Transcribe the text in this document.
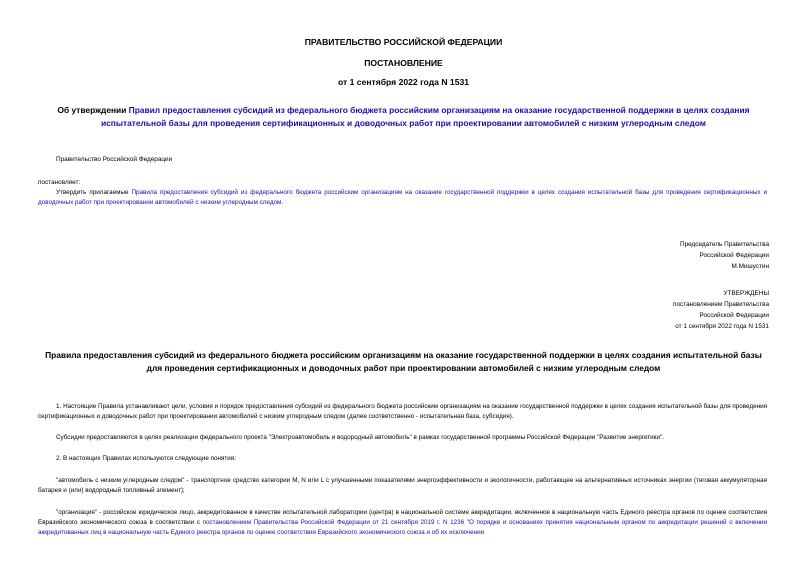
ПРАВИТЕЛЬСТВО РОССИЙСКОЙ ФЕДЕРАЦИИ
ПОСТАНОВЛЕНИЕ
от 1 сентября 2022 года N 1531
Об утверждении Правил предоставления субсидий из федерального бюджета российским организациям на оказание государственной поддержки в целях создания испытательной базы для проведения сертификационных и доводочных работ при проектировании автомобилей с низким углеродным следом
Правительство Российской Федерации
постановляет:
Утвердить прилагаемые Правила предоставления субсидий из федерального бюджета российским организациям на оказание государственной поддержки в целях создания испытательной базы для проведения сертификационных и доводочных работ при проектировании автомобилей с низким углеродным следом.
Председатель Правительства
Российской Федерации
М.Мишустин
УТВЕРЖДЕНЫ
постановлением Правительства
Российской Федерации
от 1 сентября 2022 года N 1531
Правила предоставления субсидий из федерального бюджета российским организациям на оказание государственной поддержки в целях создания испытательной базы для проведения сертификационных и доводочных работ при проектировании автомобилей с низким углеродным следом
1. Настоящие Правила устанавливают цели, условия и порядок предоставления субсидий из федерального бюджета российским организациям на оказание государственной поддержки в целях создания испытательной базы для проведения сертификационных и доводочных работ при проектировании автомобилей с низким углеродным следом (далее соответственно - испытательная база, субсидия).
Субсидии предоставляются в целях реализации федерального проекта "Электроавтомобиль и водородный автомобиль" в рамках государственной программы Российской Федерации "Развитие энергетики".
2. В настоящих Правилах используются следующие понятия:
"автомобиль с низким углеродным следом" - транспортное средство категории M, N или L с улучшенными показателями энергоэффективности и экологичности, работающее на альтернативных источниках энергии (тяговая аккумуляторная батарея и (или) водородный топливный элемент);
"организация" - российское юридическое лицо, аккредитованное в качестве испытательной лаборатории (центра) в национальной системе аккредитации, включенное в национальную часть Единого реестра органов по оценке соответствия Евразийского экономического союза в соответствии с постановлением Правительства Российской Федерации от 21 сентября 2019 г. N 1236 "О порядке и основаниях принятия национальным органом по аккредитации решений о включении аккредитованных лиц в национальную часть Единого реестра органов по оценке соответствия Евразийского экономического союза и об их исключении
